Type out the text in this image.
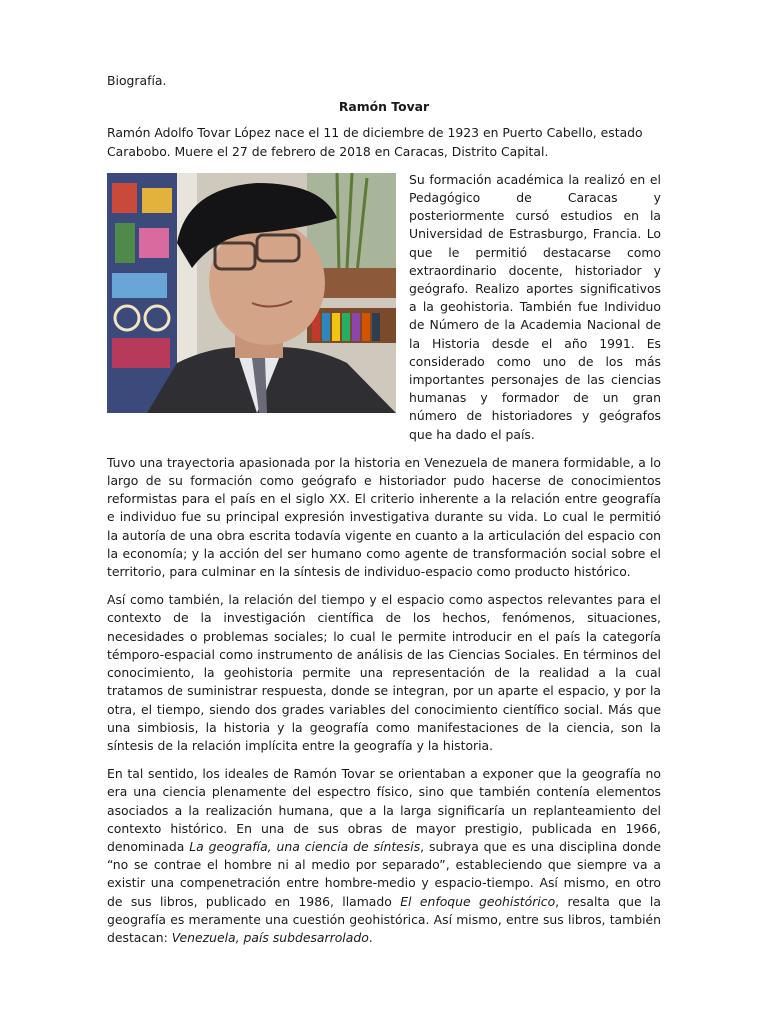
Biografía.

Ramón Tovar

Ramón Adolfo Tovar López nace el 11 de diciembre de 1923 en Puerto Cabello, estado Carabobo. Muere el 27 de febrero de 2018 en Caracas, Distrito Capital.

Su formación académica la realizó en el Pedagógico de Caracas y posteriormente cursó estudios en la Universidad de Estrasburgo, Francia. Lo que le permitió destacarse como extraordinario docente, historiador y geógrafo. Realizo aportes significativos a la geohistoria. También fue Individuo de Número de la Academia Nacional de la Historia desde el año 1991. Es considerado como uno de los más importantes personajes de las ciencias humanas y formador de un gran número de historiadores y geógrafos que ha dado el país.

Tuvo una trayectoria apasionada por la historia en Venezuela de manera formidable, a lo largo de su formación como geógrafo e historiador pudo hacerse de conocimientos reformistas para el país en el siglo XX. El criterio inherente a la relación entre geografía e individuo fue su principal expresión investigativa durante su vida. Lo cual le permitió la autoría de una obra escrita todavía vigente en cuanto a la articulación del espacio con la economía; y la acción del ser humano como agente de transformación social sobre el territorio, para culminar en la síntesis de individuo-espacio como producto histórico.

Así como también, la relación del tiempo y el espacio como aspectos relevantes para el contexto de la investigación científica de los hechos, fenómenos, situaciones, necesidades o problemas sociales; lo cual le permite introducir en el país la categoría témporo-espacial como instrumento de análisis de las Ciencias Sociales. En términos del conocimiento, la geohistoria permite una representación de la realidad a la cual tratamos de suministrar respuesta, donde se integran, por un aparte el espacio, y por la otra, el tiempo, siendo dos grades variables del conocimiento científico social. Más que una simbiosis, la historia y la geografía como manifestaciones de la ciencia, son la síntesis de la relación implícita entre la geografía y la historia.

En tal sentido, los ideales de Ramón Tovar se orientaban a exponer que la geografía no era una ciencia plenamente del espectro físico, sino que también contenía elementos asociados a la realización humana, que a la larga significaría un replanteamiento del contexto histórico. En una de sus obras de mayor prestigio, publicada en 1966, denominada La geografía, una ciencia de síntesis, subraya que es una disciplina donde “no se contrae el hombre ni al medio por separado”, estableciendo que siempre va a existir una compenetración entre hombre-medio y espacio-tiempo. Así mismo, en otro de sus libros, publicado en 1986, llamado El enfoque geohistórico, resalta que la geografía es meramente una cuestión geohistórica. Así mismo, entre sus libros, también destacan: Venezuela, país subdesarrolado.
